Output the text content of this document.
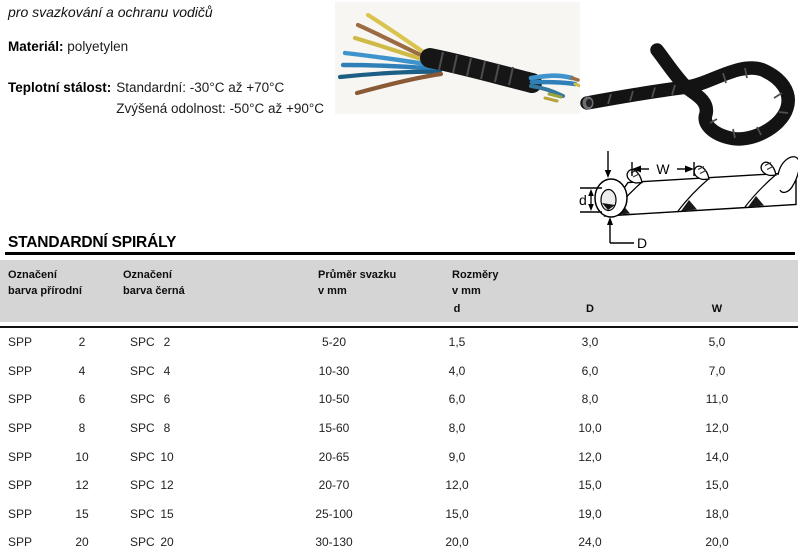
pro svazkování a ochranu vodičů
Materiál: polyetylen
Teplotní stálost: Standardní: -30°C až +70°C
Zvýšená odolnost: -50°C až +90°C
W
d
D
STANDARDNÍ SPIRÁLY
Označení
barva přírodní
Označení
barva černá
Průměr svazku
v mm
Rozměry
v mm
d	D	W
SPP	2	SPC 2	5-20	1,5	3,0	5,0
SPP	4	SPC 4	10-30	4,0	6,0	7,0
SPP	6	SPC 6	10-50	6,0	8,0	11,0
SPP	8	SPC 8	15-60	8,0	10,0	12,0
SPP	10	SPC 10	20-65	9,0	12,0	14,0
SPP	12	SPC 12	20-70	12,0	15,0	15,0
SPP	15	SPC 15	25-100	15,0	19,0	18,0
SPP	20	SPC 20	30-130	20,0	24,0	20,0
